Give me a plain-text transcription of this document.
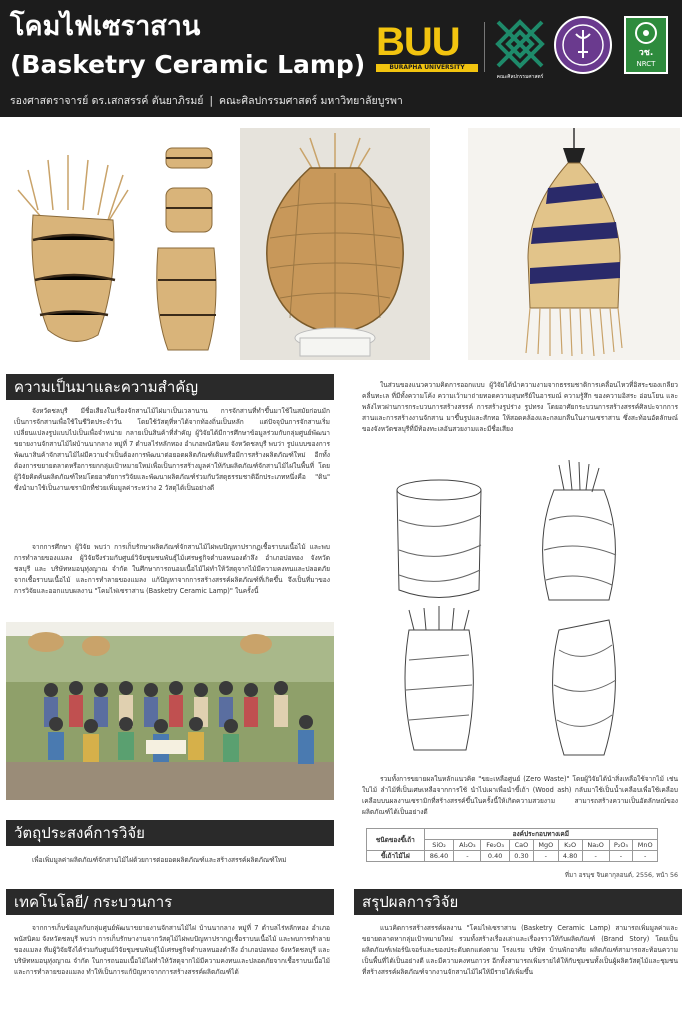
โคมไฟเซราสาน
(Basketry Ceramic Lamp)
รองศาสตราจารย์ ดร.เสกสรรค์ ตันยาภิรมย์ | คณะศิลปกรรมศาสตร์ มหาวิทยาลัยบูรพา
BUU
BURAPHA UNIVERSITY
คณะศิลปกรรมศาสตร์
วช.
NRCT
ความเป็นมาและความสำคัญ

จังหวัดชลบุรี มีชื่อเสียงในเรื่องจักสานไม้ไผ่มาเป็นเวลานาน การจักสานที่ทำขึ้นมาใช้ในสมัยก่อนมักเป็นการจักสานเพื่อใช้ในชีวิตประจำวัน โดยใช้วัสดุที่หาได้จากท้องถิ่นเป็นหลัก แต่ปัจจุบันการจักสานเริ่มเปลี่ยนแปลงรูปแบบไปเป็นเพื่อจำหน่าย กลายเป็นสินค้าที่สำคัญ ผู้วิจัยได้มีการศึกษาข้อมูลร่วมกับกลุ่มศูนย์พัฒนาขยายงานจักสานไม้ไผ่บ้านนากลาง หมู่ที่ 7 ตำบลไร่หลักทอง อำเภอพนัสนิคม จังหวัดชลบุรี พบว่า รูปแบบของการพัฒนาสินค้าจักสานไม้ไผ่มีความจำเป็นต้องการพัฒนาต่อยอดผลิตภัณฑ์เดิมหรือมีการสร้างผลิตภัณฑ์ใหม่ อีกทั้งต้องการขยายตลาดหรือการยกกลุ่มเป้าหมายใหม่เพื่อเป็นการสร้างมูลค่าให้กับผลิตภัณฑ์จักสานไม้ไผ่ในพื้นที่ โดยผู้วิจัยคิดค้นผลิตภัณฑ์ใหม่โดยอาศัยการวิจัยและพัฒนาผลิตภัณฑ์ร่วมกับวัสดุธรรมชาติอีกประเภทหนึ่งคือ "ดิน" ซึ่งนำมาใช้เป็นงานเซรามิกที่ช่วยเพิ่มมูลค่าระหว่าง 2 วัสดุได้เป็นอย่างดี

จากการศึกษา ผู้วิจัย พบว่า การเก็บรักษาผลิตภัณฑ์จักสานไม้ไผ่พบปัญหาปรากฏเชื้อราบนเนื้อไม้ และพบการทำลายของแมลง ผู้วิจัยจึงร่วมกับศูนย์วิจัยชุมชนพันธุ์ไม้เศรษฐกิจตำบลหนองตำลึง อำเภอปอทอง จังหวัดชลบุรี และ บริษัทหมอนุทุ่งญาณ จำกัด ในศึกษาการถนอมเนื้อไม้ไผ่ทำให้วัสดุจากไม้มีความคงทนและปลอดภัยจากเชื้อราบนเนื้อไม้ และการทำลายของแมลง แก้ปัญหาจากการสร้างสรรค์ผลิตภัณฑ์ที่เกิดขึ้น จึงเป็นที่มาของการวิจัยและออกแบบผลงาน "โคมไฟเซราสาน (Basketry Ceramic Lamp)" ในครั้งนี้

ในส่วนของแนวความคิดการออกแบบ ผู้วิจัยได้นำความงามจากธรรมชาติการเคลื่อนไหวที่อิสระของเกลียวคลื่นทะเล ที่มีทั้งความโค้ง ความเว้ามาถ่ายทอดความสุนทรีย์ในอารมณ์ ความรู้สึก ของความอิสระ อ่อนโยน และพลังไหวผ่านการกระบวนการสร้างสรรค์ การสร้างรูปร่าง รูปทรง โดยอาศัยกระบวนการสร้างสรรค์ศิลปะจากการสานและการสร้างงานจักสาน มาขึ้นรูปและสักทอ ให้สอดคล้องและกลมกลืนในงานเซราสาน ซึ่งสะท้อนอัตลักษณ์ของจังหวัดชลบุรีที่มีท้องทะเลอันสวยงามและมีชื่อเสียง

รวมทั้งการขยายผลในหลักแนวคิด "ขยะเหลือศูนย์ (Zero Waste)" โดยผู้วิจัยได้นำสิ่งเหลือใช้จากไม้ เช่น ใบไม้ ลำไม้ที่เป็นเศษเหลือจากการใช้ นำไปเผาเพื่อนำขี้เถ้า (Wood ash) กลับมาใช้เป็นน้ำเคลือบเพื่อใช้เคลือบเคลือบบนผลงานเซรามิกที่สร้างสรรค์ขึ้นในครั้งนี้ให้เกิดความสวยงาม สามารถสร้างความเป็นอัตลักษณ์ของผลิตภัณฑ์ได้เป็นอย่างดี

ชนิดของขี้เถ้า	องค์ประกอบทางเคมี								
	SiO₂	Al₂O₃	Fe₂O₃	CaO	MgO	K₂O	Na₂O	P₂O₅	MnO
ขี้เถ้าไม้ไผ่	86.40	-	0.40	0.30	-	4.80	-	-	-
ที่มา อรนุช จินดากุลอนต์, 2556, หน้า 56
วัตถุประสงค์การวิจัย

เพื่อเพิ่มมูลค่าผลิตภัณฑ์จักสานไม้ไผ่ด้วยการต่อยอดผลิตภัณฑ์และสร้างสรรค์ผลิตภัณฑ์ใหม่

เทคโนโลยี/ กระบวนการ

จากการเก็บข้อมูลกับกลุ่มศูนย์พัฒนาขยายงานจักสานไม้ไผ่ บ้านนากลาง หมู่ที่ 7 ตำบลไร่หลักทอง อำเภอพนัสนิคม จังหวัดชลบุรี พบว่า การเก็บรักษางานจากวัสดุไม้ไผ่พบปัญหาปรากฏเชื้อราบนเนื้อไม้ และพบการทำลายของแมลง ทีมผู้วิจัยจึงได้ร่วมกับศูนย์วิจัยชุมชนพันธุ์ไม้เศรษฐกิจตำบลหนองตำลึง อำเภอปอทอง จังหวัดชลบุรี และ บริษัทหมอนุทุ่งญาณ จำกัด ในการถนอมเนื้อไม้ไผ่ทำให้วัสดุจากไม้มีความคงทนและปลอดภัยจากเชื้อราบนเนื้อไม้ และการทำลายของแมลง ทำให้เป็นการแก้ปัญหาจากการสร้างสรรค์ผลิตภัณฑ์ได้

สรุปผลการวิจัย

แนวคิดการสร้างสรรค์ผลงาน "โคมไฟเซราสาน (Basketry Ceramic Lamp) สามารถเพิ่มมูลค่าและขยายตลาดหากลุ่มเป้าหมายใหม่ รวมทั้งสร้างเรื่องเล่าและเรื่องราวให้กับผลิตภัณฑ์ (Brand Story) โดยเป็นผลิตภัณฑ์เฟอร์นิเจอร์และของประดับตกแต่งตาม โรงแรม บริษัท บ้านพักอาศัย ผลิตภัณฑ์สามารถสะท้อนความเป็นพื้นที่ได้เป็นอย่างดี และมีความคงทนถาวร อีกทั้งสามารถเพิ่มรายได้ให้กับชุมชนทั้งเป็นผู้ผลิตวัสดุไม้และชุมชนที่สร้างสรรค์ผลิตภัณฑ์จากงานจักสานไม้ไผ่ให้มีรายได้เพิ่มขึ้น
